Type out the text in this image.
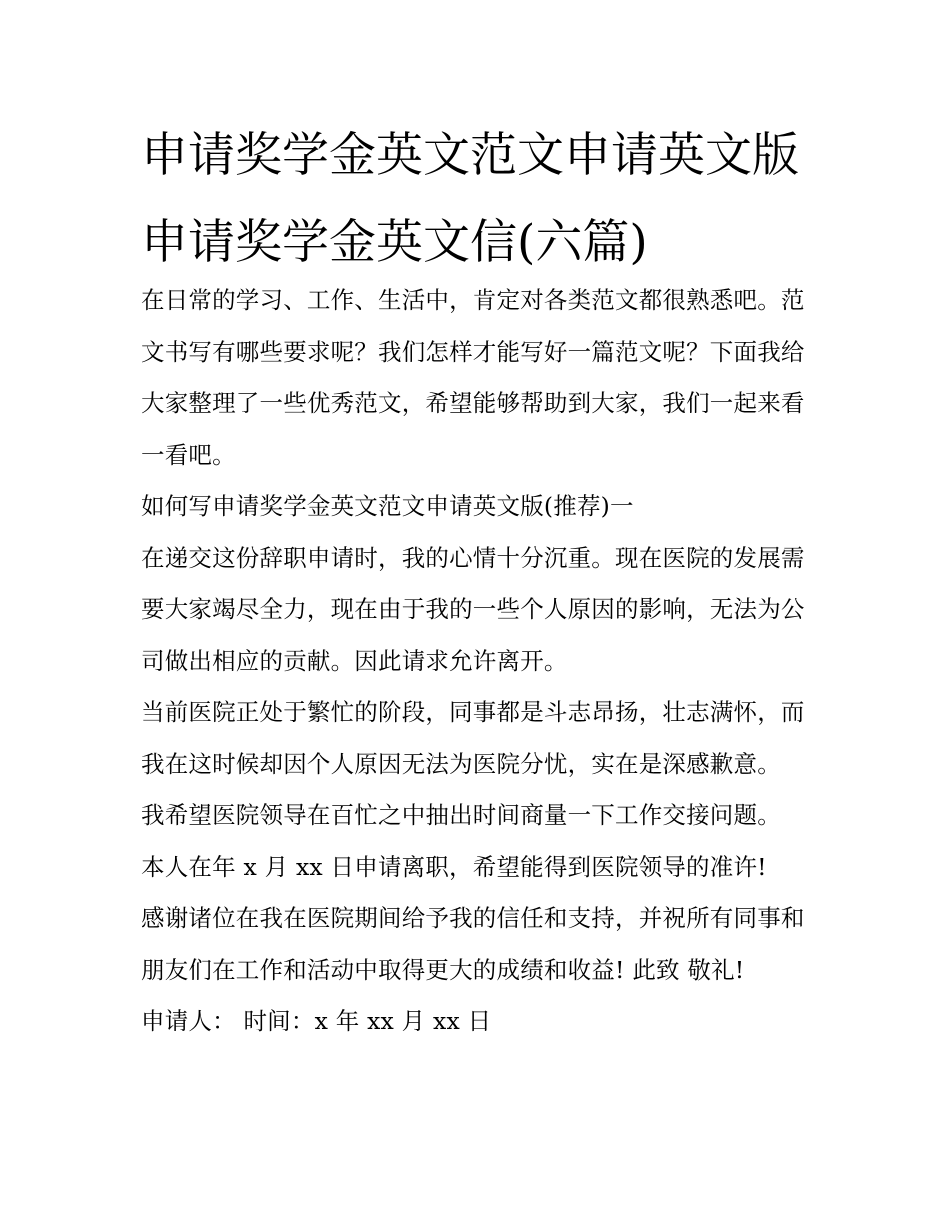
申请奖学金英文范文申请英文版 申请奖学金英文信(六篇)

在日常的学习、工作、生活中，肯定对各类范文都很熟悉吧。范文书写有哪些要求呢？我们怎样才能写好一篇范文呢？下面我给大家整理了一些优秀范文，希望能够帮助到大家，我们一起来看一看吧。

如何写申请奖学金英文范文申请英文版(推荐)一

在递交这份辞职申请时，我的心情十分沉重。现在医院的发展需要大家竭尽全力，现在由于我的一些个人原因的影响，无法为公司做出相应的贡献。因此请求允许离开。

当前医院正处于繁忙的阶段，同事都是斗志昂扬，壮志满怀，而我在这时候却因个人原因无法为医院分忧，实在是深感歉意。

我希望医院领导在百忙之中抽出时间商量一下工作交接问题。

本人在年 x 月 xx 日申请离职，希望能得到医院领导的准许!

感谢诸位在我在医院期间给予我的信任和支持，并祝所有同事和朋友们在工作和活动中取得更大的成绩和收益! 此致 敬礼!

申请人： 时间：x 年 xx 月 xx 日
